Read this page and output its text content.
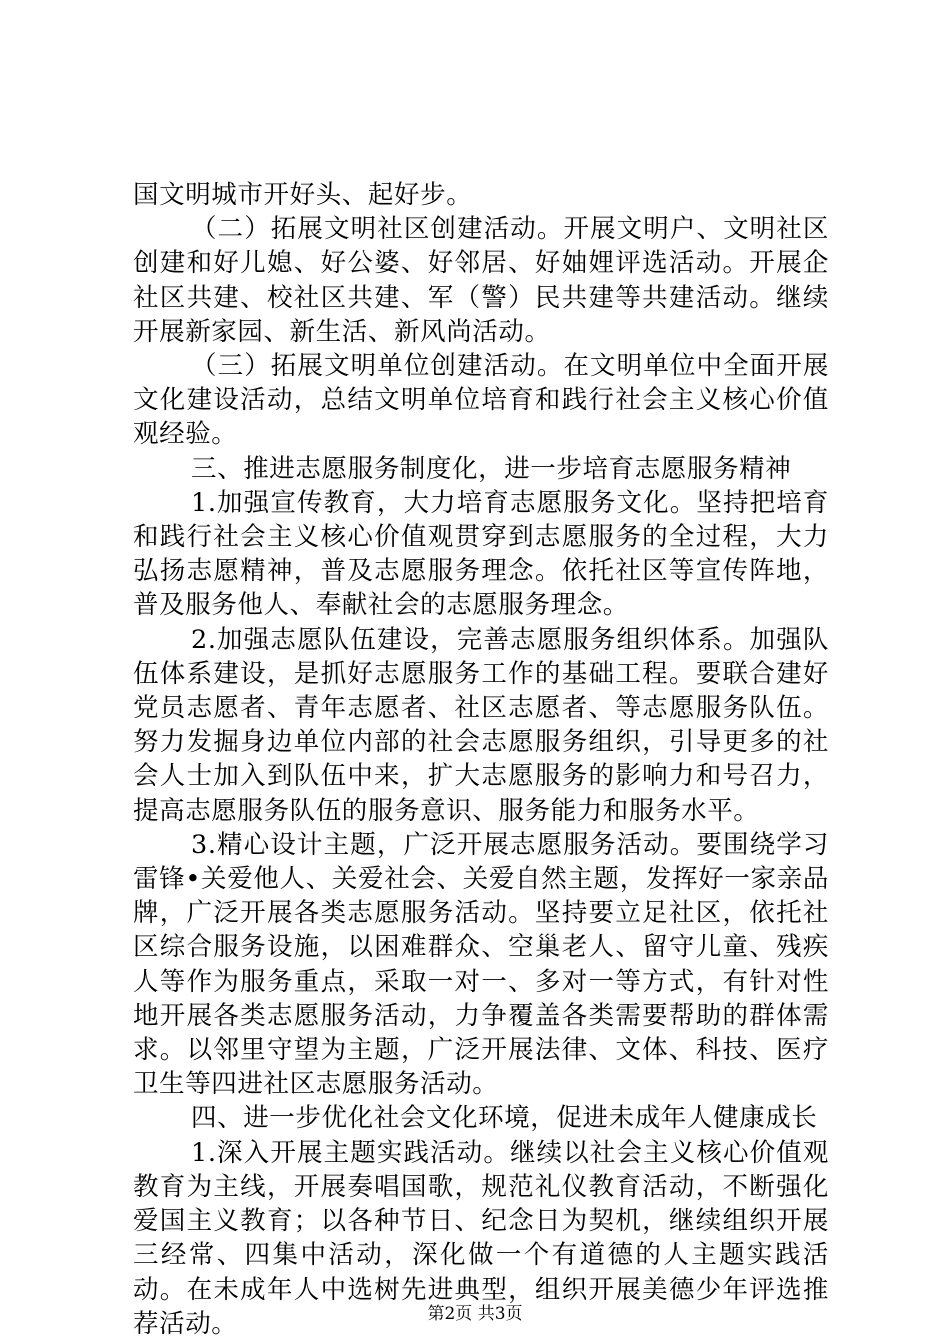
国文明城市开好头、起好步。

（二）拓展文明社区创建活动。开展文明户、文明社区创建和好儿媳、好公婆、好邻居、好妯娌评选活动。开展企社区共建、校社区共建、军（警）民共建等共建活动。继续开展新家园、新生活、新风尚活动。

（三）拓展文明单位创建活动。在文明单位中全面开展文化建设活动，总结文明单位培育和践行社会主义核心价值观经验。

三、推进志愿服务制度化，进一步培育志愿服务精神

1.加强宣传教育，大力培育志愿服务文化。坚持把培育和践行社会主义核心价值观贯穿到志愿服务的全过程，大力弘扬志愿精神，普及志愿服务理念。依托社区等宣传阵地，普及服务他人、奉献社会的志愿服务理念。

2.加强志愿队伍建设，完善志愿服务组织体系。加强队伍体系建设，是抓好志愿服务工作的基础工程。要联合建好党员志愿者、青年志愿者、社区志愿者、等志愿服务队伍。努力发掘身边单位内部的社会志愿服务组织，引导更多的社会人士加入到队伍中来，扩大志愿服务的影响力和号召力，提高志愿服务队伍的服务意识、服务能力和服务水平。

3.精心设计主题，广泛开展志愿服务活动。要围绕学习雷锋•关爱他人、关爱社会、关爱自然主题，发挥好一家亲品牌，广泛开展各类志愿服务活动。坚持要立足社区，依托社区综合服务设施，以困难群众、空巢老人、留守儿童、残疾人等作为服务重点，采取一对一、多对一等方式，有针对性地开展各类志愿服务活动，力争覆盖各类需要帮助的群体需求。以邻里守望为主题，广泛开展法律、文体、科技、医疗卫生等四进社区志愿服务活动。

四、进一步优化社会文化环境，促进未成年人健康成长

1.深入开展主题实践活动。继续以社会主义核心价值观教育为主线，开展奏唱国歌，规范礼仪教育活动，不断强化爱国主义教育；以各种节日、纪念日为契机，继续组织开展三经常、四集中活动，深化做一个有道德的人主题实践活动。在未成年人中选树先进典型，组织开展美德少年评选推荐活动。	第2页 共3页
